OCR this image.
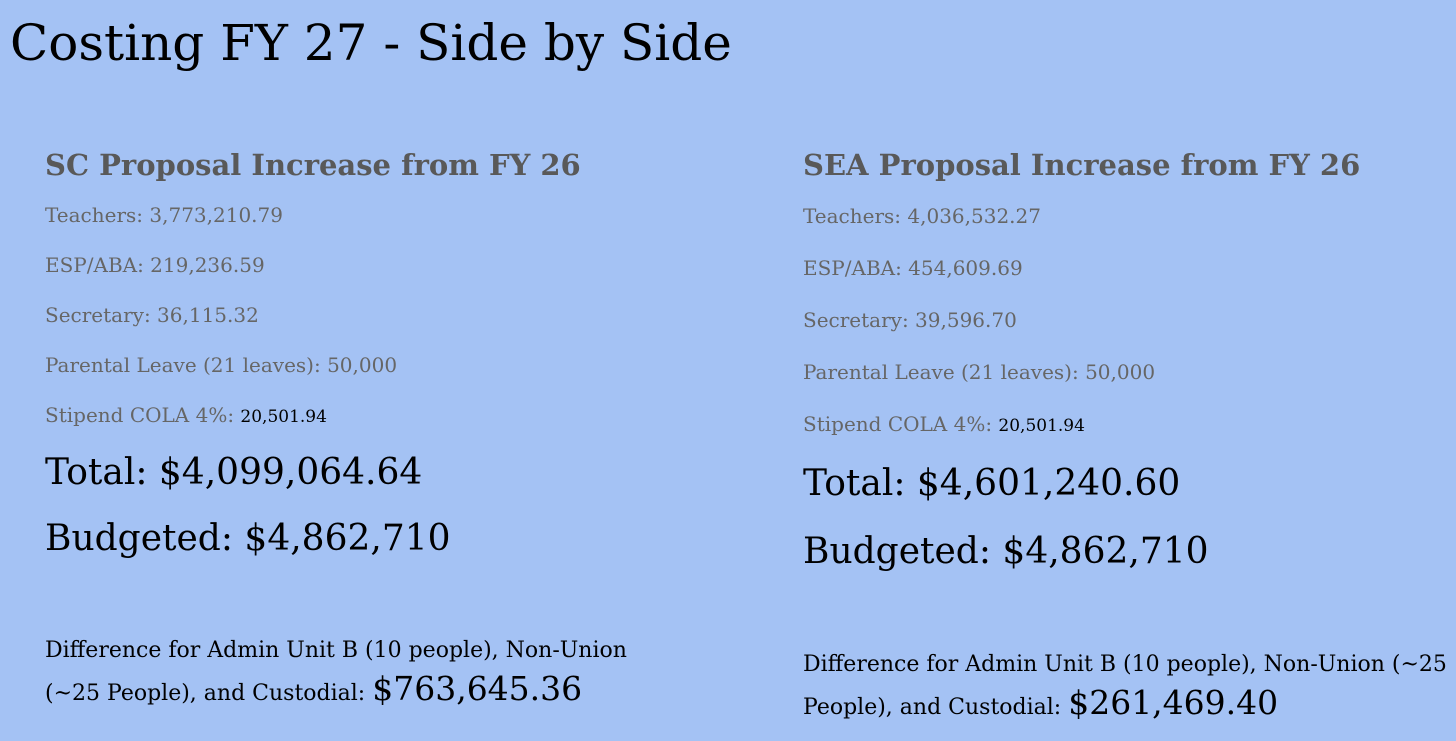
Costing FY 27 - Side by Side
SC Proposal Increase from FY 26
Teachers: 3,773,210.79
ESP/ABA: 219,236.59
Secretary: 36,115.32
Parental Leave (21 leaves): 50,000
Stipend COLA 4%: 20,501.94
Total: $4,099,064.64
Budgeted: $4,862,710
Difference for Admin Unit B (10 people), Non-Union (~25 People), and Custodial: $763,645.36
SEA Proposal Increase from FY 26
Teachers: 4,036,532.27
ESP/ABA: 454,609.69
Secretary: 39,596.70
Parental Leave (21 leaves): 50,000
Stipend COLA 4%: 20,501.94
Total: $4,601,240.60
Budgeted: $4,862,710
Difference for Admin Unit B (10 people), Non-Union (~25 People), and Custodial: $261,469.40
